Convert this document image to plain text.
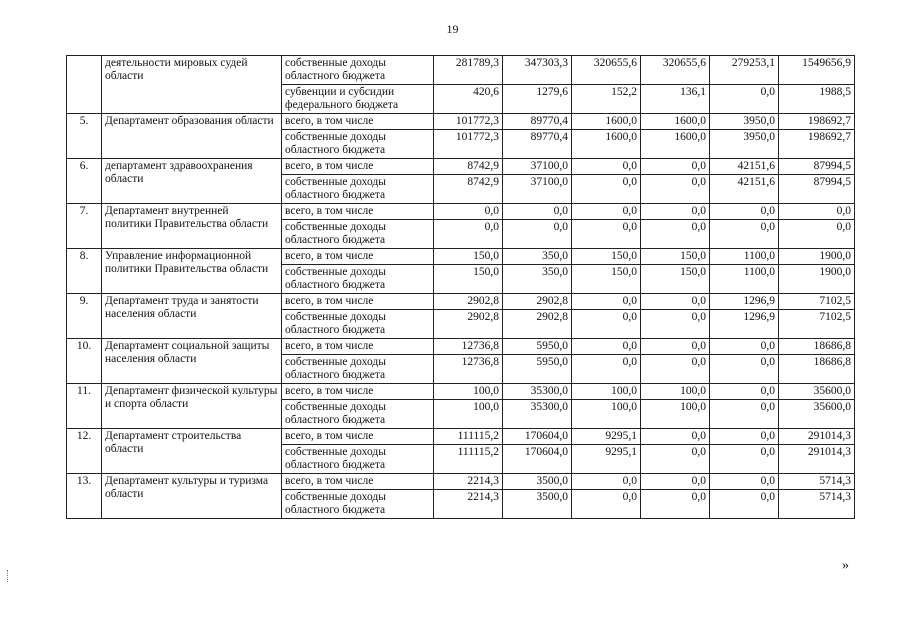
19
	деятельности мировых судей области	собственные доходы областного бюджета	281789,3	347303,3	320655,6	320655,6	279253,1	1549656,9
		субвенции и субсидии федерального бюджета	420,6	1279,6	152,2	136,1	0,0	1988,5
5.	Департамент образования области	всего, в том числе	101772,3	89770,4	1600,0	1600,0	3950,0	198692,7
		собственные доходы областного бюджета	101772,3	89770,4	1600,0	1600,0	3950,0	198692,7
6.	департамент здравоохранения области	всего, в том числе	8742,9	37100,0	0,0	0,0	42151,6	87994,5
		собственные доходы областного бюджета	8742,9	37100,0	0,0	0,0	42151,6	87994,5
7.	Департамент внутренней политики Правительства области	всего, в том числе	0,0	0,0	0,0	0,0	0,0	0,0
		собственные доходы областного бюджета	0,0	0,0	0,0	0,0	0,0	0,0
8.	Управление информационной политики Правительства области	всего, в том числе	150,0	350,0	150,0	150,0	1100,0	1900,0
		собственные доходы областного бюджета	150,0	350,0	150,0	150,0	1100,0	1900,0
9.	Департамент труда и занятости населения области	всего, в том числе	2902,8	2902,8	0,0	0,0	1296,9	7102,5
		собственные доходы областного бюджета	2902,8	2902,8	0,0	0,0	1296,9	7102,5
10.	Департамент социальной защиты населения области	всего, в том числе	12736,8	5950,0	0,0	0,0	0,0	18686,8
		собственные доходы областного бюджета	12736,8	5950,0	0,0	0,0	0,0	18686,8
11.	Департамент физической культуры и спорта области	всего, в том числе	100,0	35300,0	100,0	100,0	0,0	35600,0
		собственные доходы областного бюджета	100,0	35300,0	100,0	100,0	0,0	35600,0
12.	Департамент строительства области	всего, в том числе	111115,2	170604,0	9295,1	0,0	0,0	291014,3
		собственные доходы областного бюджета	111115,2	170604,0	9295,1	0,0	0,0	291014,3
13.	Департамент культуры и туризма области	всего, в том числе	2214,3	3500,0	0,0	0,0	0,0	5714,3
		собственные доходы областного бюджета	2214,3	3500,0	0,0	0,0	0,0	5714,3
»
